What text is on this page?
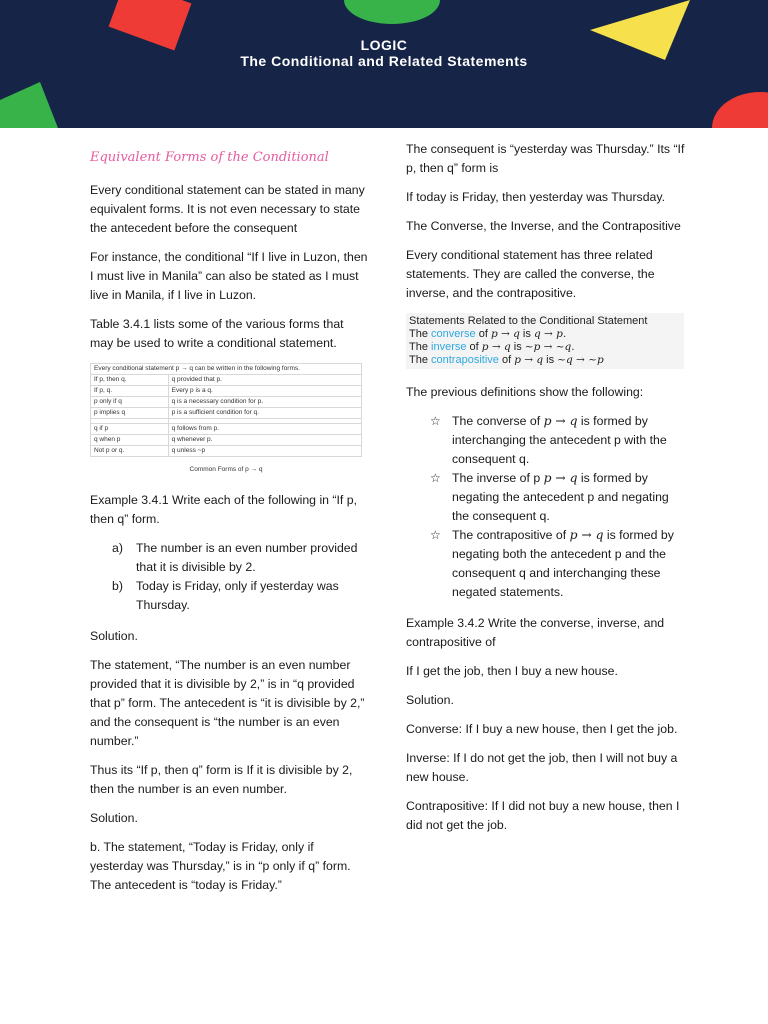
LOGIC
The Conditional and Related Statements
Equivalent Forms of the Conditional

Every conditional statement can be stated in many equivalent forms. It is not even necessary to state the antecedent before the consequent

For instance, the conditional “If I live in Luzon, then I must live in Manila” can also be stated as I must live in Manila, if I live in Luzon.

Table 3.4.1 lists some of the various forms that may be used to write a conditional statement.

Every conditional statement p → q can be written in the following forms.	
If p, then q.	q provided that p.
If p, q.	Every p is a q.
p only if q	q is a necessary condition for p.
p implies q	p is a sufficient condition for q.

q if p	q follows from p.
q when p	q whenever p.
Not p or q.	q unless ~p
Common Forms of p → q

Example 3.4.1 Write each of the following in “If p, then q” form.

a) The number is an even number provided that it is divisible by 2.
b) Today is Friday, only if yesterday was Thursday.

Solution.

The statement, “The number is an even number provided that it is divisible by 2,” is in “q provided that p” form. The antecedent is “it is divisible by 2,” and the consequent is “the number is an even number.”

Thus its “If p, then q” form is If it is divisible by 2, then the number is an even number.

Solution.

b. The statement, “Today is Friday, only if yesterday was Thursday,” is in “p only if q” form. The antecedent is “today is Friday.”

The consequent is “yesterday was Thursday.” Its “If p, then q” form is

If today is Friday, then yesterday was Thursday.

The Converse, the Inverse, and the Contrapositive

Every conditional statement has three related statements. They are called the converse, the inverse, and the contrapositive.

Statements Related to the Conditional Statement
The converse of p → q is q → p.
The inverse of p → q is ~p → ~q.
The contrapositive of p → q is ~q → ~p

The previous definitions show the following:

☆ The converse of p → q is formed by interchanging the antecedent p with the consequent q.
☆ The inverse of p p → q is formed by negating the antecedent p and negating the consequent q.
☆ The contrapositive of p → q is formed by negating both the antecedent p and the consequent q and interchanging these negated statements.

Example 3.4.2 Write the converse, inverse, and contrapositive of

If I get the job, then I buy a new house.

Solution.

Converse: If I buy a new house, then I get the job.

Inverse: If I do not get the job, then I will not buy a new house.

Contrapositive: If I did not buy a new house, then I did not get the job.
